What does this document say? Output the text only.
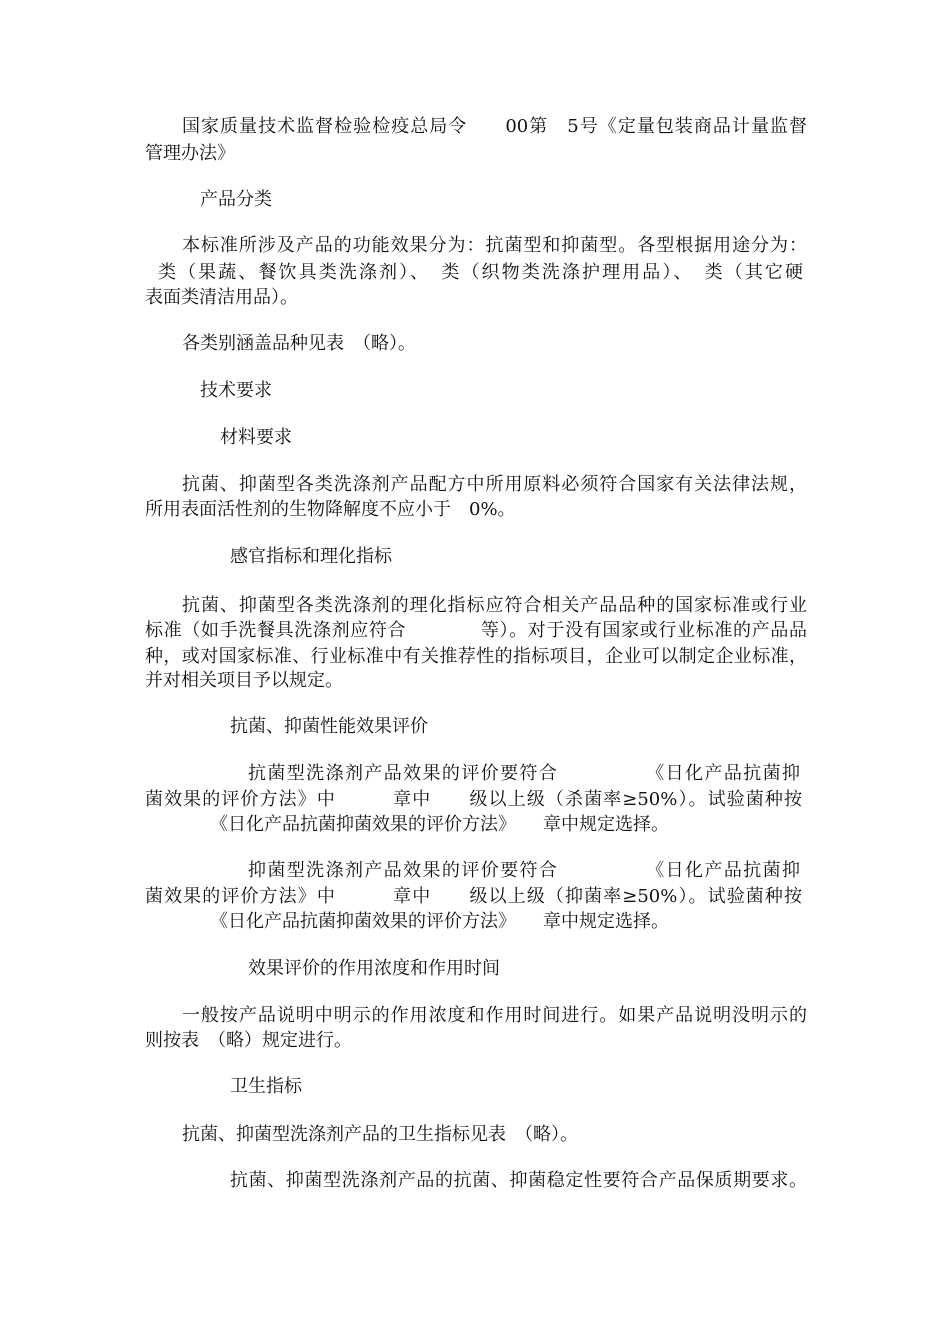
国家质量技术监督检验检疫总局令　　00第　5号《定量包装商品计量监督
管理办法》
产品分类
本标准所涉及产品的功能效果分为：抗菌型和抑菌型。各型根据用途分为：
类（果蔬、餐饮具类洗涤剂）、　类（织物类洗涤护理用品）、　类（其它硬
表面类清洁用品）。
各类别涵盖品种见表　（略）。
技术要求
材料要求
抗菌、抑菌型各类洗涤剂产品配方中所用原料必须符合国家有关法律法规，
所用表面活性剂的生物降解度不应小于　0%。
感官指标和理化指标
抗菌、抑菌型各类洗涤剂的理化指标应符合相关产品品种的国家标准或行业
标准（如手洗餐具洗涤剂应符合　　　　等）。对于没有国家或行业标准的产品品
种，或对国家标准、行业标准中有关推荐性的指标项目，企业可以制定企业标准，
并对相关项目予以规定。
抗菌、抑菌性能效果评价
抗菌型洗涤剂产品效果的评价要符合　　　　　《日化产品抗菌抑
菌效果的评价方法》中　　　章中　　级以上级（杀菌率≥50%）。试验菌种按
《日化产品抗菌抑菌效果的评价方法》　　章中规定选择。
抑菌型洗涤剂产品效果的评价要符合　　　　　《日化产品抗菌抑
菌效果的评价方法》中　　　章中　　级以上级（抑菌率≥50%）。试验菌种按
《日化产品抗菌抑菌效果的评价方法》　　章中规定选择。
效果评价的作用浓度和作用时间
一般按产品说明中明示的作用浓度和作用时间进行。如果产品说明没明示的
则按表　（略）规定进行。
卫生指标
抗菌、抑菌型洗涤剂产品的卫生指标见表　（略）。
抗菌、抑菌型洗涤剂产品的抗菌、抑菌稳定性要符合产品保质期要求。
